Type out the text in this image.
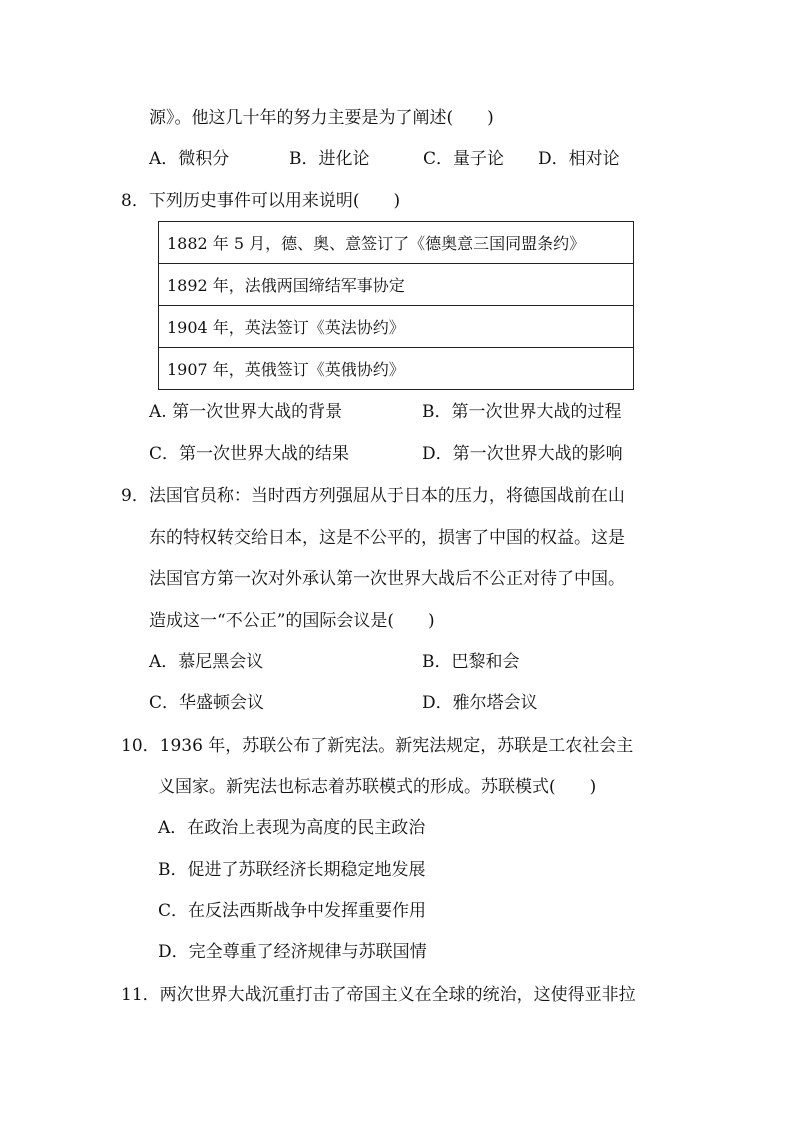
源》。他这几十年的努力主要是为了阐述(　　)
A．微积分	B．进化论	C．量子论 D．相对论
8．下列历史事件可以用来说明(　　)
1882 年 5 月，德、奥、意签订了《德奥意三国同盟条约》
1892 年，法俄两国缔结军事协定
1904 年，英法签订《英法协约》
1907 年，英俄签订《英俄协约》
A. 第一次世界大战的背景	B．第一次世界大战的过程
C．第一次世界大战的结果	D．第一次世界大战的影响
9．法国官员称：当时西方列强屈从于日本的压力，将德国战前在山
东的特权转交给日本，这是不公平的，损害了中国的权益。这是
法国官方第一次对外承认第一次世界大战后不公正对待了中国。
造成这一“不公正”的国际会议是(　　)
A．慕尼黑会议	B．巴黎和会
C．华盛顿会议	D．雅尔塔会议
10．1936 年，苏联公布了新宪法。新宪法规定，苏联是工农社会主
义国家。新宪法也标志着苏联模式的形成。苏联模式(　　)
A．在政治上表现为高度的民主政治
B．促进了苏联经济长期稳定地发展
C．在反法西斯战争中发挥重要作用
D．完全尊重了经济规律与苏联国情
11．两次世界大战沉重打击了帝国主义在全球的统治，这使得亚非拉
